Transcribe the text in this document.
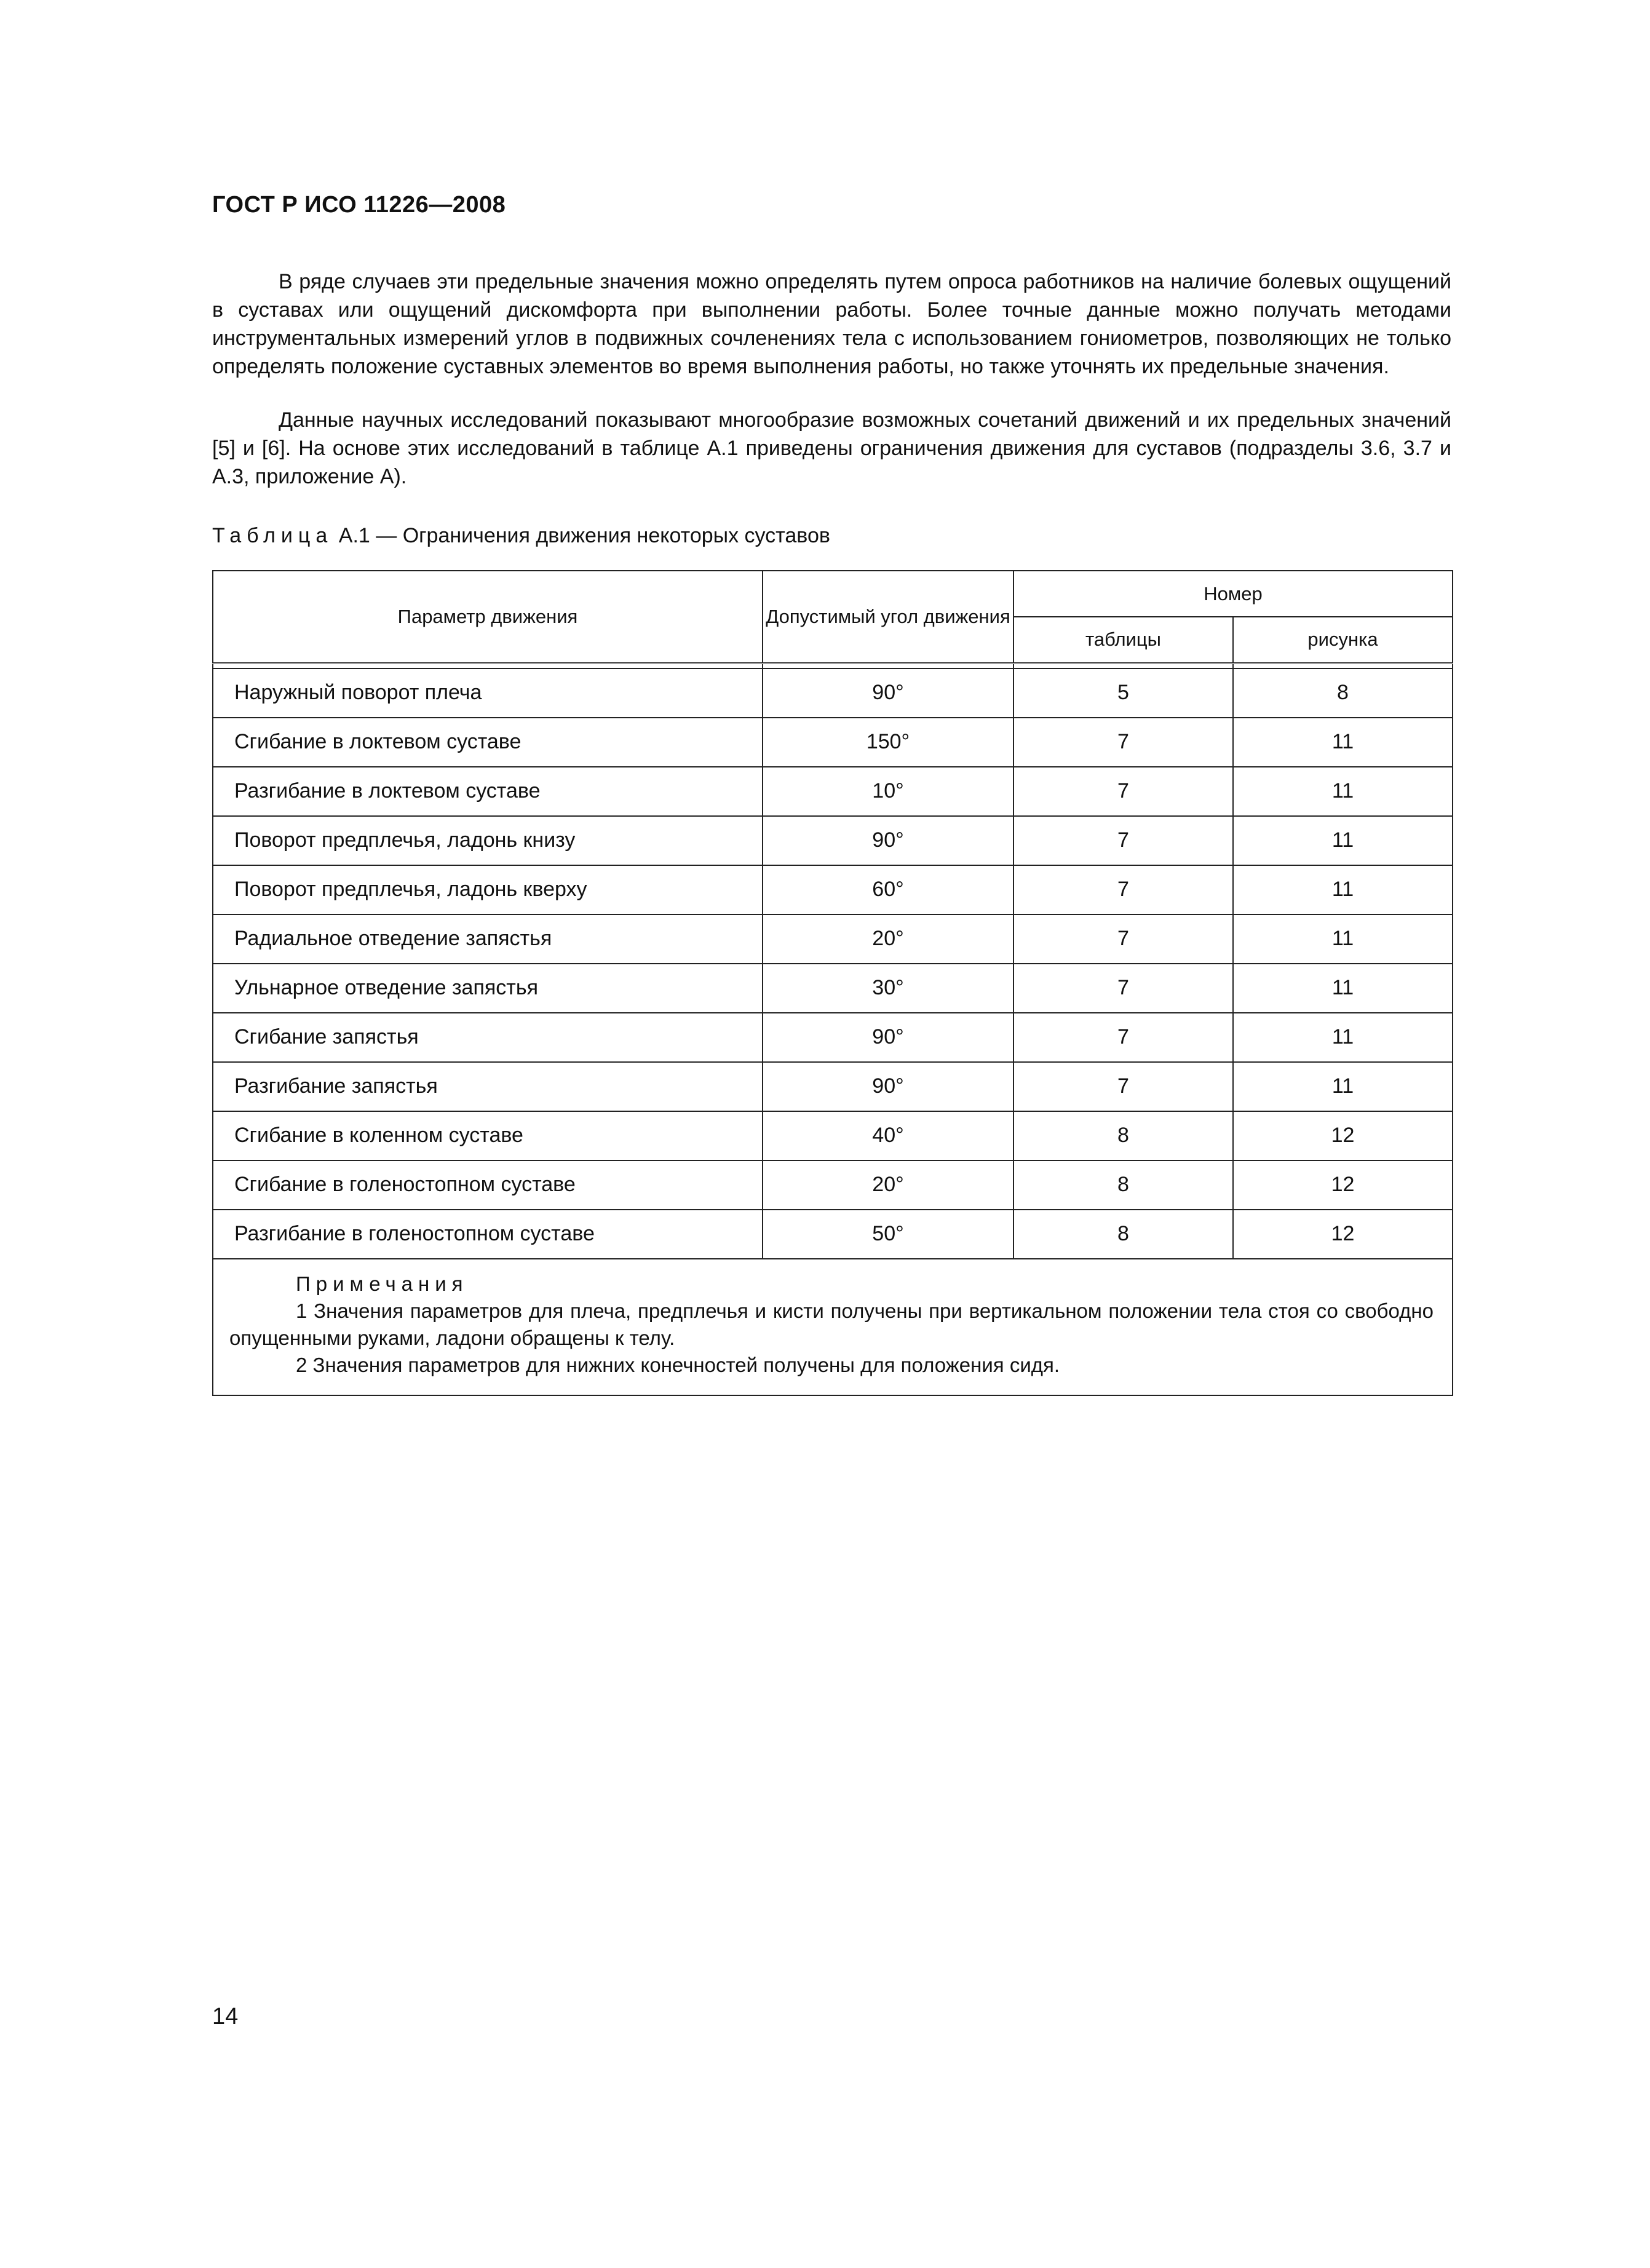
ГОСТ Р ИСО 11226—2008

В ряде случаев эти предельные значения можно определять путем опроса работников на наличие болевых ощущений в суставах или ощущений дискомфорта при выполнении работы. Более точные данные можно получать методами инструментальных измерений углов в подвижных сочленениях тела с использованием гониометров, позволяющих не только определять положение суставных элементов во время выполнения работы, но также уточнять их предельные значения.

Данные научных исследований показывают многообразие возможных сочетаний движений и их предельных значений [5] и [6]. На основе этих исследований в таблице А.1 приведены ограничения движения для суставов (подразделы 3.6, 3.7 и А.3, приложение А).

Таблица А.1 — Ограничения движения некоторых суставов
Параметр движения	Допустимый угол движения	Номер	
		таблицы	рисунка

Наружный поворот плеча	90°	5	8
Сгибание в локтевом суставе	150°	7	11
Разгибание в локтевом суставе	10°	7	11
Поворот предплечья, ладонь книзу	90°	7	11
Поворот предплечья, ладонь кверху	60°	7	11
Радиальное отведение запястья	20°	7	11
Ульнарное отведение запястья	30°	7	11
Сгибание запястья	90°	7	11
Разгибание запястья	90°	7	11
Сгибание в коленном суставе	40°	8	12
Сгибание в голеностопном суставе	20°	8	12
Разгибание в голеностопном суставе	50°	8	12

Примечания
1 Значения параметров для плеча, предплечья и кисти получены при вертикальном положении тела стоя со свободно опущенными руками, ладони обращены к телу.
2 Значения параметров для нижних конечностей получены для положения сидя.			
14
